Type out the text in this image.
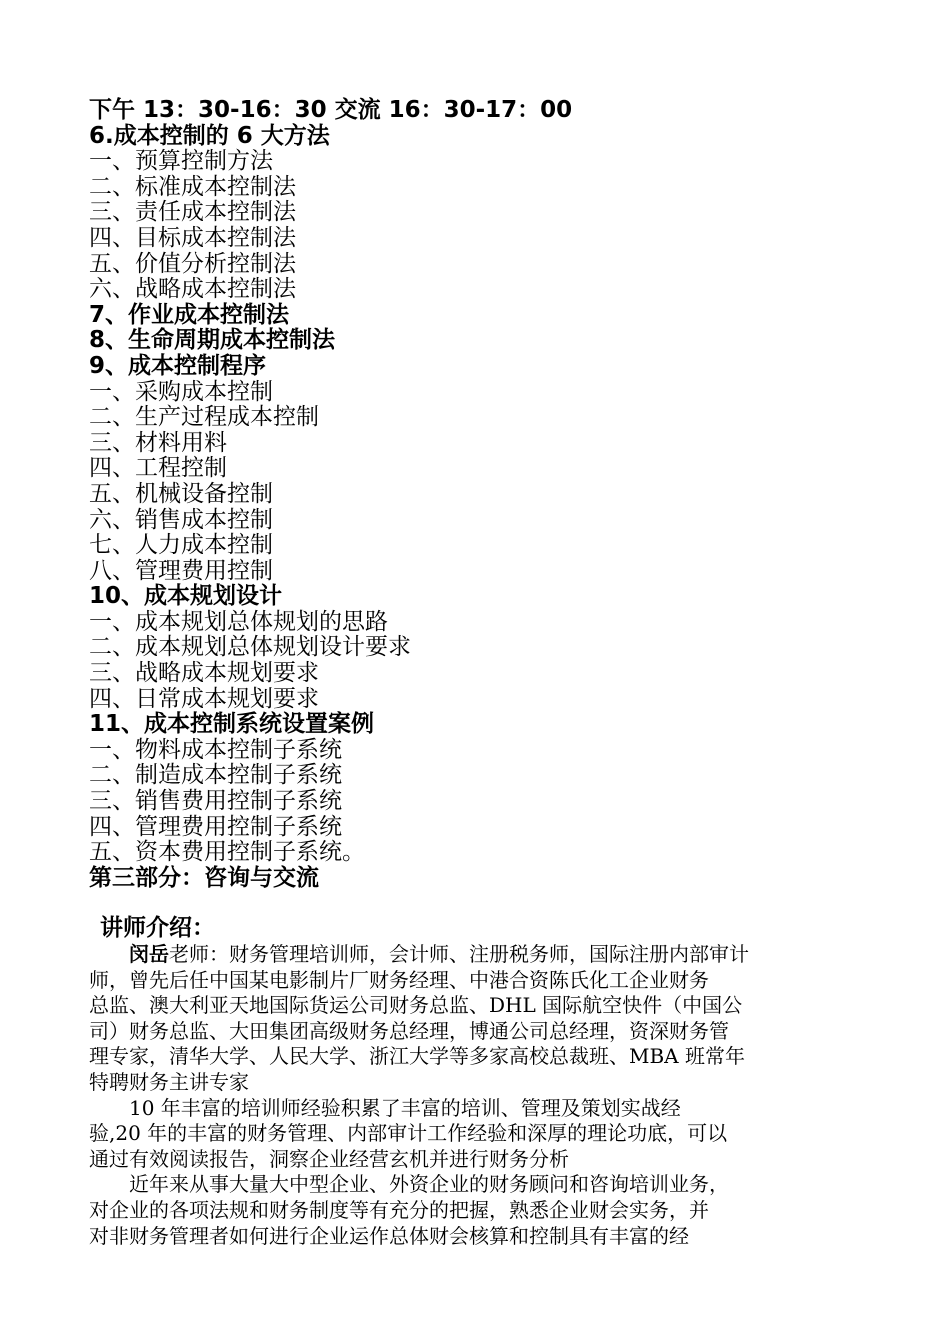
下午 13：30-16：30 交流 16：30-17：00
6.成本控制的 6 大方法
一、预算控制方法
二、标准成本控制法
三、责任成本控制法
四、目标成本控制法
五、价值分析控制法
六、战略成本控制法
7、作业成本控制法
8、生命周期成本控制法
9、成本控制程序
一、采购成本控制
二、生产过程成本控制
三、材料用料
四、工程控制
五、机械设备控制
六、销售成本控制
七、人力成本控制
八、管理费用控制
10、成本规划设计
一、成本规划总体规划的思路
二、成本规划总体规划设计要求
三、战略成本规划要求
四、日常成本规划要求
11、成本控制系统设置案例
一、物料成本控制子系统
二、制造成本控制子系统
三、销售费用控制子系统
四、管理费用控制子系统
五、资本费用控制子系统。
第三部分：咨询与交流
讲师介绍：

闵岳老师：财务管理培训师，会计师、注册税务师，国际注册内部审计
师，曾先后任中国某电影制片厂财务经理、中港合资陈氏化工企业财务
总监、澳大利亚天地国际货运公司财务总监、DHL 国际航空快件（中国公
司）财务总监、大田集团高级财务总经理，博通公司总经理，资深财务管
理专家，清华大学、人民大学、浙江大学等多家高校总裁班、MBA 班常年
特聘财务主讲专家

10 年丰富的培训师经验积累了丰富的培训、管理及策划实战经
验,20 年的丰富的财务管理、内部审计工作经验和深厚的理论功底，可以
通过有效阅读报告，洞察企业经营玄机并进行财务分析

近年来从事大量大中型企业、外资企业的财务顾问和咨询培训业务，
对企业的各项法规和财务制度等有充分的把握，熟悉企业财会实务，并
对非财务管理者如何进行企业运作总体财会核算和控制具有丰富的经
